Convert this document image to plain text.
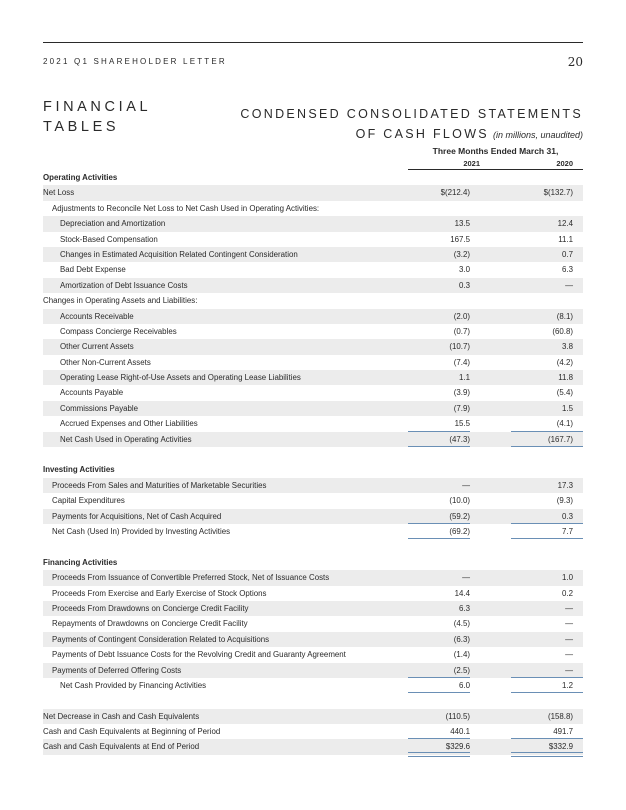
2021 Q1 SHAREHOLDER LETTER	20
FINANCIAL
TABLES
CONDENSED CONSOLIDATED STATEMENTS
OF CASH FLOWS (in millions, unaudited)
Three Months Ended March 31,
2021	2020
Operating Activities
Net Loss	$(212.4)	$(132.7)
Adjustments to Reconcile Net Loss to Net Cash Used in Operating Activities:
Depreciation and Amortization	13.5	12.4
Stock-Based Compensation	167.5	11.1
Changes in Estimated Acquisition Related Contingent Consideration	(3.2)	0.7
Bad Debt Expense	3.0	6.3
Amortization of Debt Issuance Costs	0.3	—
Changes in Operating Assets and Liabilities:
Accounts Receivable	(2.0)	(8.1)
Compass Concierge Receivables	(0.7)	(60.8)
Other Current Assets	(10.7)	3.8
Other Non-Current Assets	(7.4)	(4.2)
Operating Lease Right-of-Use Assets and Operating Lease Liabilities	1.1	11.8
Accounts Payable	(3.9)	(5.4)
Commissions Payable	(7.9)	1.5
Accrued Expenses and Other Liabilities	15.5	(4.1)
Net Cash Used in Operating Activities	(47.3)	(167.7)
Investing Activities
Proceeds From Sales and Maturities of Marketable Securities	—	17.3
Capital Expenditures	(10.0)	(9.3)
Payments for Acquisitions, Net of Cash Acquired	(59.2)	0.3
Net Cash (Used In) Provided by Investing Activities	(69.2)	7.7
Financing Activities
Proceeds From Issuance of Convertible Preferred Stock, Net of Issuance Costs	—	1.0
Proceeds From Exercise and Early Exercise of Stock Options	14.4	0.2
Proceeds From Drawdowns on Concierge Credit Facility	6.3	—
Repayments of Drawdowns on Concierge Credit Facility	(4.5)	—
Payments of Contingent Consideration Related to Acquisitions	(6.3)	—
Payments of Debt Issuance Costs for the Revolving Credit and Guaranty Agreement	(1.4)	—
Payments of Deferred Offering Costs	(2.5)	—
Net Cash Provided by Financing Activities	6.0	1.2
Net Decrease in Cash and Cash Equivalents	(110.5)	(158.8)
Cash and Cash Equivalents at Beginning of Period	440.1	491.7
Cash and Cash Equivalents at End of Period	$329.6	$332.9
